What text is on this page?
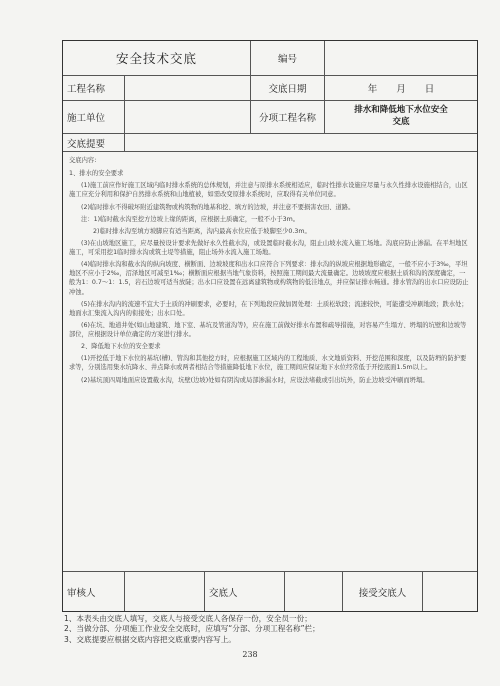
安全技术交底	编号
工程名称	交底日期	年　　月　　日
施工单位	分项工程名称
排水和降低地下水位安全
交底
交底提要

交底内容:

1、排水的安全要求

(1)施工前应作好施工区域内临时排水系统的总体规划，并注意与原排水系统相适应，临时性排水设施应尽量与永久性排水设施相结合，山区施工应充分利用和保护自然排水系统和山地植被，如需改变原排水系统时，应取得有关单位同意。

(2)临时排水不得破坏附近建筑物或构筑物的地基和挖、填方的边坡，并注意不要损害农田、道路。

注：1)临时截水沟至挖方边坡上缘的距离，应根据土质确定，一般不小于3m。

2)临时排水沟至填方坡脚应有适当距离，沟内最高水位应低于坡脚至少0.3m。

(3)在山坡地区施工，应尽量按设计要求先做好永久性截水沟，或设置临时截水沟，阻止山坡水流入施工场地。沟底应防止渗漏。在平坦地区施工，可采用挖1临时排水沟或筑土堤等措施，阻止场外水流入施工场地。

(4)临时排水沟和截水沟的纵向坡度、横断面、边坡坡度和出水口应符合下列要求：排水沟的纵坡应根据地形确定，一般不应小于3‰，平坦地区不应小于2‰，沼泽地区可减至1‰；横断面应根据当地气象资料，按照施工期间最大流量确定。边坡坡度应根据土质和沟的深度确定，一般为1：0.7～1：1.5，岩石边坡可适当放陡；出水口应设置在远离建筑物或构筑物的低洼地点，并应保证排水畅通。排水管沟的出水口应设防止冲蚀。

(5)在排水沟内的流速不宜大于土质的冲刷要求，必要时，在下列地段应做加固处理：土质松软段；流速较快，可能遭受冲刷地段；跌水处；地面水汇集流入沟内的衔接处；出水口处。

(6)在坑、地道井处(如山地建筑、地下室、基坑及管道沟等)，应在施工前做好排水布置和疏导措施，对容易产生塌方、坍塌的坑壁和边坡等部位，应根据设计单位确定的方案进行排水。

2、降低地下水位的安全要求

(1)开挖低于地下水位的基坑(槽)、管沟和其他挖方时，应根据施工区域内的工程地质、水文地质资料、开挖范围和深度，以及防坍的防护要求等，分别选用集水坑降水、井点降水或两者相结合等措施降低地下水位，施工期间应保证地下水位经常低于开挖底面1.5m以上。

(2)基坑顶四周地面应设置截水沟，坑壁(边坡)处如有阴沟或局部渗漏水时，应设法堵截或引出坑外，防止边坡受冲刷而坍塌。

审核人	交底人	接受交底人
1、本表头由交底人填写，交底人与接受交底人各保存一份，安全员一份；
2、当做分部、分项施工作业安全交底时，应填写“分部、分项工程名称”栏；
3、交底提要应根据交底内容把交底重要内容写上。
238
